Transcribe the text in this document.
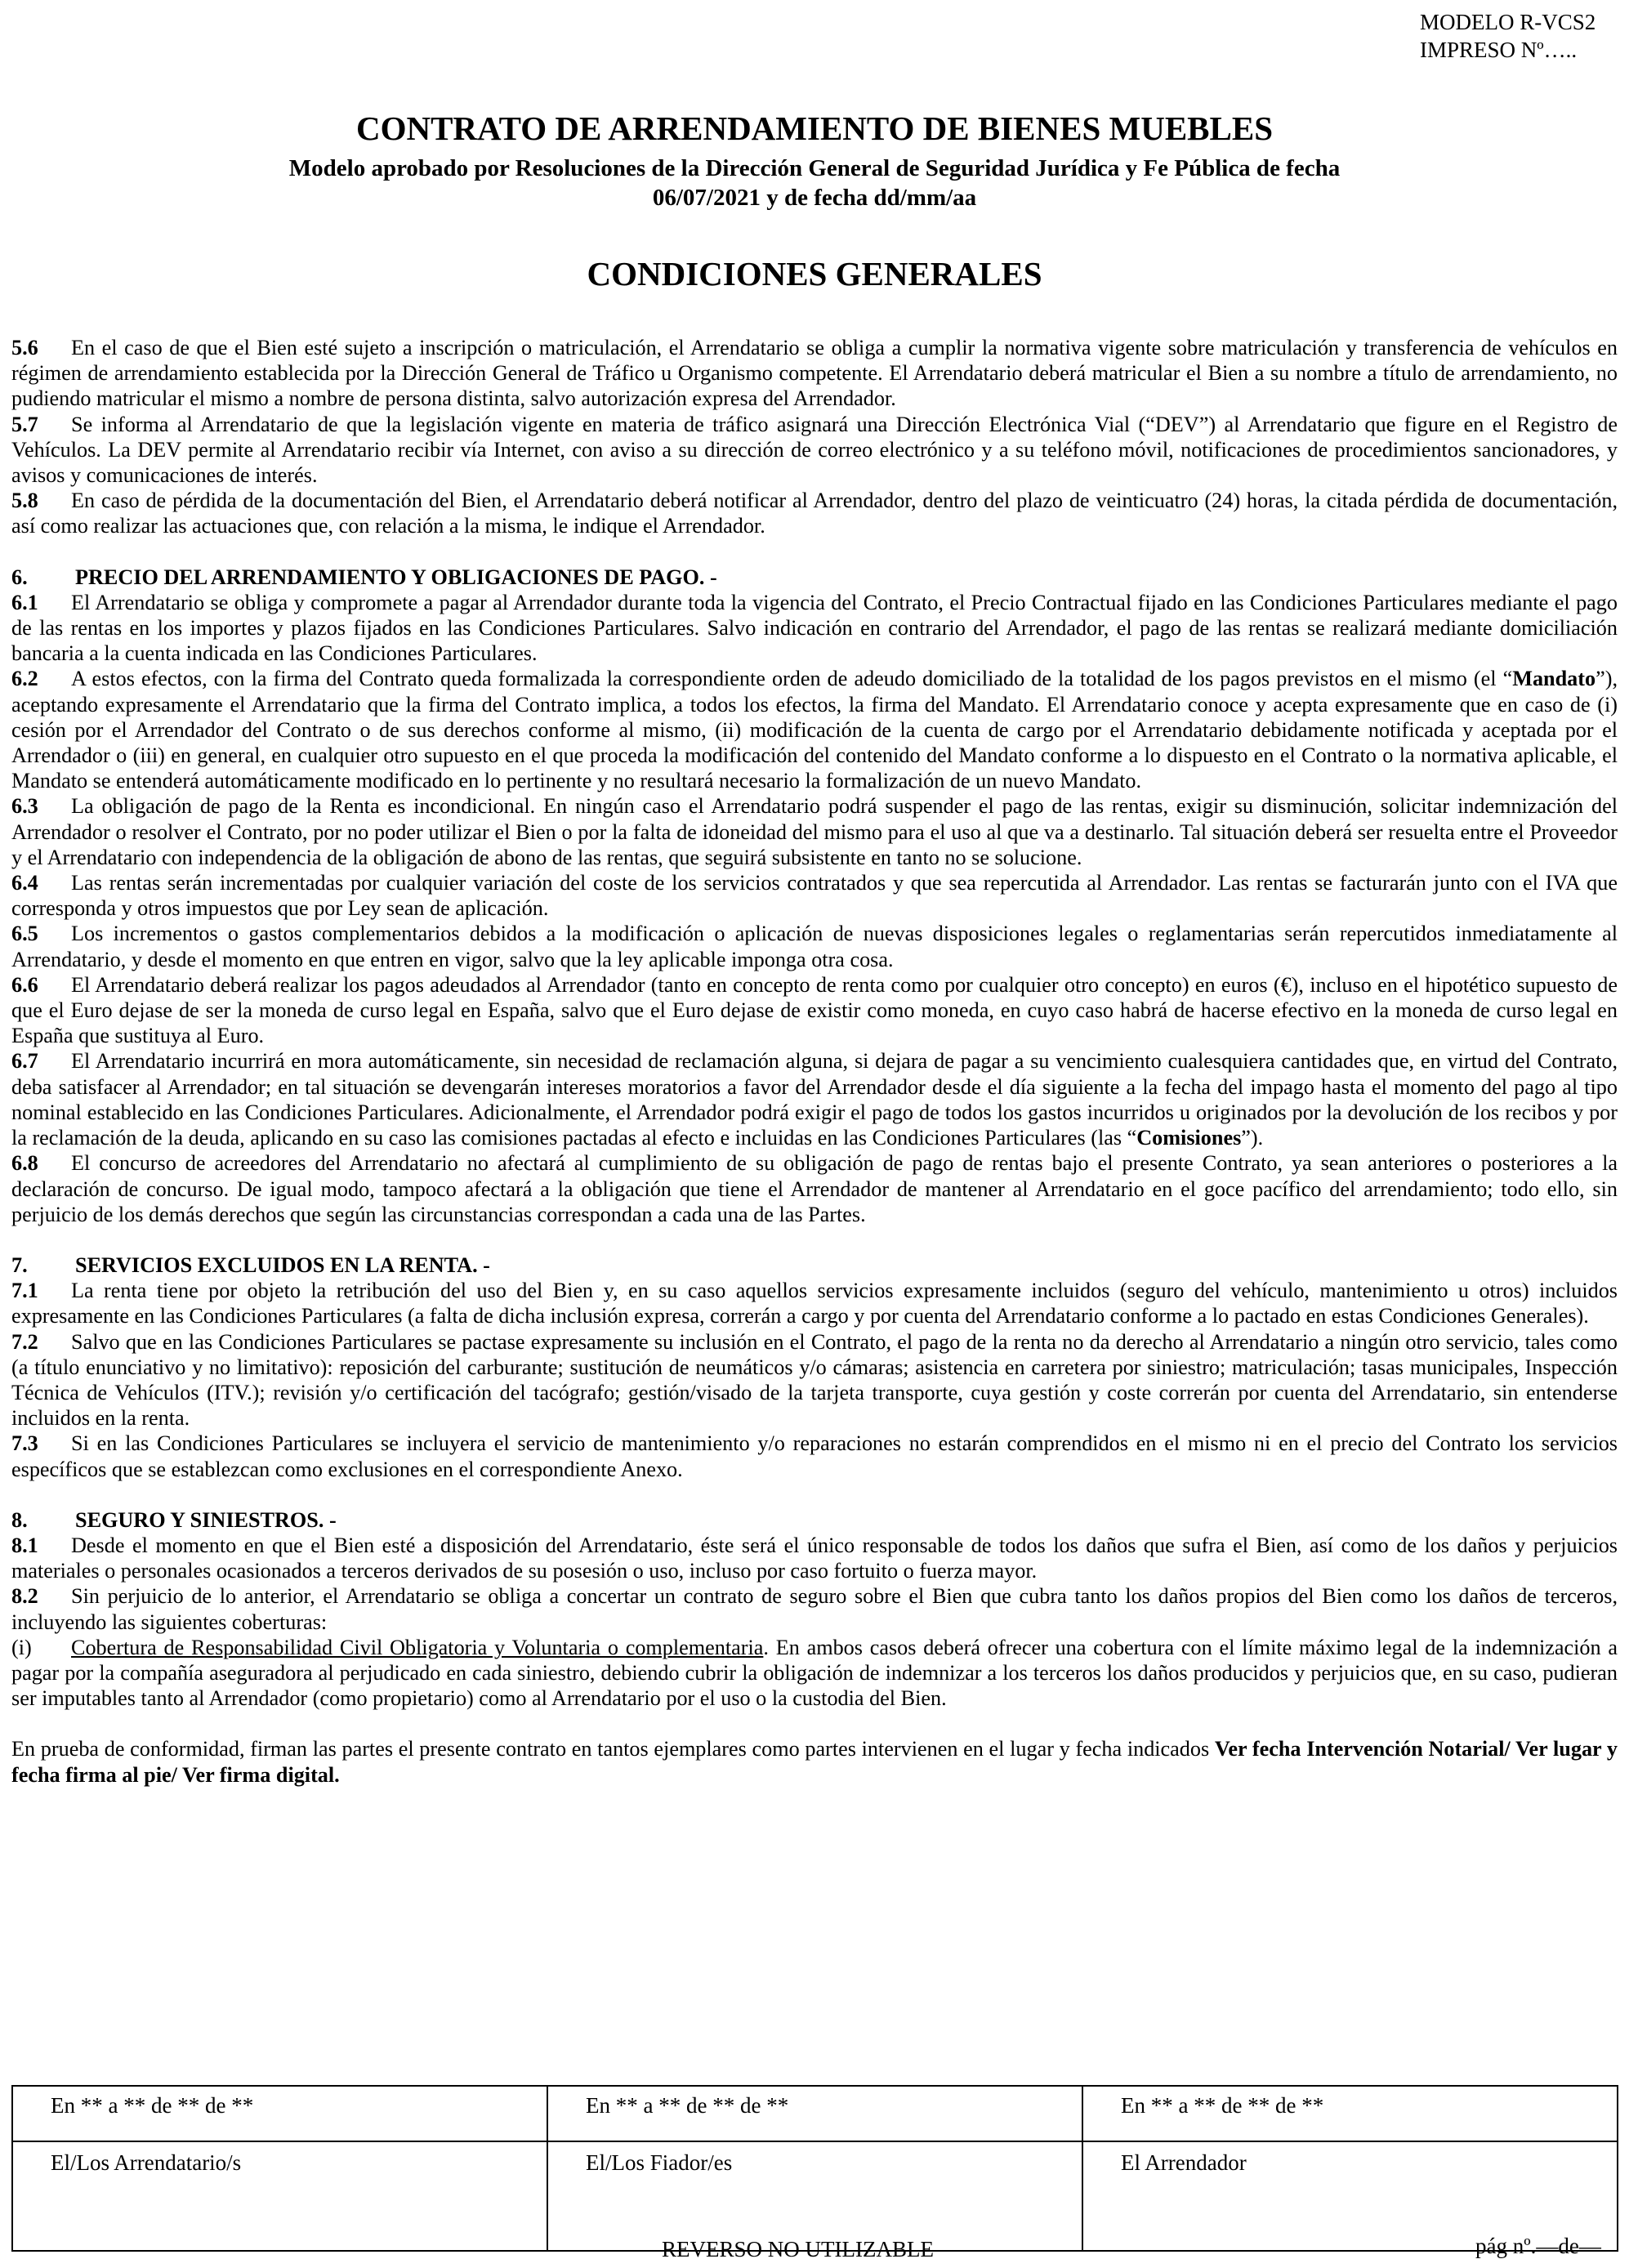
MODELO R-VCS2
IMPRESO Nº…..
CONTRATO DE ARRENDAMIENTO DE BIENES MUEBLES
Modelo aprobado por Resoluciones de la Dirección General de Seguridad Jurídica y Fe Pública de fecha
06/07/2021 y de fecha dd/mm/aa
CONDICIONES GENERALES

5.6 En el caso de que el Bien esté sujeto a inscripción o matriculación, el Arrendatario se obliga a cumplir la normativa vigente sobre matriculación y transferencia de vehículos en régimen de arrendamiento establecida por la Dirección General de Tráfico u Organismo competente. El Arrendatario deberá matricular el Bien a su nombre a título de arrendamiento, no pudiendo matricular el mismo a nombre de persona distinta, salvo autorización expresa del Arrendador.

5.7 Se informa al Arrendatario de que la legislación vigente en materia de tráfico asignará una Dirección Electrónica Vial (“DEV”) al Arrendatario que figure en el Registro de Vehículos. La DEV permite al Arrendatario recibir vía Internet, con aviso a su dirección de correo electrónico y a su teléfono móvil, notificaciones de procedimientos sancionadores, y avisos y comunicaciones de interés.

5.8 En caso de pérdida de la documentación del Bien, el Arrendatario deberá notificar al Arrendador, dentro del plazo de veinticuatro (24) horas, la citada pérdida de documentación, así como realizar las actuaciones que, con relación a la misma, le indique el Arrendador.

6. PRECIO DEL ARRENDAMIENTO Y OBLIGACIONES DE PAGO. -

6.1 El Arrendatario se obliga y compromete a pagar al Arrendador durante toda la vigencia del Contrato, el Precio Contractual fijado en las Condiciones Particulares mediante el pago de las rentas en los importes y plazos fijados en las Condiciones Particulares. Salvo indicación en contrario del Arrendador, el pago de las rentas se realizará mediante domiciliación bancaria a la cuenta indicada en las Condiciones Particulares.

6.2 A estos efectos, con la firma del Contrato queda formalizada la correspondiente orden de adeudo domiciliado de la totalidad de los pagos previstos en el mismo (el “Mandato”), aceptando expresamente el Arrendatario que la firma del Contrato implica, a todos los efectos, la firma del Mandato. El Arrendatario conoce y acepta expresamente que en caso de (i) cesión por el Arrendador del Contrato o de sus derechos conforme al mismo, (ii) modificación de la cuenta de cargo por el Arrendatario debidamente notificada y aceptada por el Arrendador o (iii) en general, en cualquier otro supuesto en el que proceda la modificación del contenido del Mandato conforme a lo dispuesto en el Contrato o la normativa aplicable, el Mandato se entenderá automáticamente modificado en lo pertinente y no resultará necesario la formalización de un nuevo Mandato.

6.3 La obligación de pago de la Renta es incondicional. En ningún caso el Arrendatario podrá suspender el pago de las rentas, exigir su disminución, solicitar indemnización del Arrendador o resolver el Contrato, por no poder utilizar el Bien o por la falta de idoneidad del mismo para el uso al que va a destinarlo. Tal situación deberá ser resuelta entre el Proveedor y el Arrendatario con independencia de la obligación de abono de las rentas, que seguirá subsistente en tanto no se solucione.

6.4 Las rentas serán incrementadas por cualquier variación del coste de los servicios contratados y que sea repercutida al Arrendador. Las rentas se facturarán junto con el IVA que corresponda y otros impuestos que por Ley sean de aplicación.

6.5 Los incrementos o gastos complementarios debidos a la modificación o aplicación de nuevas disposiciones legales o reglamentarias serán repercutidos inmediatamente al Arrendatario, y desde el momento en que entren en vigor, salvo que la ley aplicable imponga otra cosa.

6.6 El Arrendatario deberá realizar los pagos adeudados al Arrendador (tanto en concepto de renta como por cualquier otro concepto) en euros (€), incluso en el hipotético supuesto de que el Euro dejase de ser la moneda de curso legal en España, salvo que el Euro dejase de existir como moneda, en cuyo caso habrá de hacerse efectivo en la moneda de curso legal en España que sustituya al Euro.

6.7 El Arrendatario incurrirá en mora automáticamente, sin necesidad de reclamación alguna, si dejara de pagar a su vencimiento cualesquiera cantidades que, en virtud del Contrato, deba satisfacer al Arrendador; en tal situación se devengarán intereses moratorios a favor del Arrendador desde el día siguiente a la fecha del impago hasta el momento del pago al tipo nominal establecido en las Condiciones Particulares. Adicionalmente, el Arrendador podrá exigir el pago de todos los gastos incurridos u originados por la devolución de los recibos y por la reclamación de la deuda, aplicando en su caso las comisiones pactadas al efecto e incluidas en las Condiciones Particulares (las “Comisiones”).

6.8 El concurso de acreedores del Arrendatario no afectará al cumplimiento de su obligación de pago de rentas bajo el presente Contrato, ya sean anteriores o posteriores a la declaración de concurso. De igual modo, tampoco afectará a la obligación que tiene el Arrendador de mantener al Arrendatario en el goce pacífico del arrendamiento; todo ello, sin perjuicio de los demás derechos que según las circunstancias correspondan a cada una de las Partes.

7. SERVICIOS EXCLUIDOS EN LA RENTA. -

7.1 La renta tiene por objeto la retribución del uso del Bien y, en su caso aquellos servicios expresamente incluidos (seguro del vehículo, mantenimiento u otros) incluidos expresamente en las Condiciones Particulares (a falta de dicha inclusión expresa, correrán a cargo y por cuenta del Arrendatario conforme a lo pactado en estas Condiciones Generales).

7.2 Salvo que en las Condiciones Particulares se pactase expresamente su inclusión en el Contrato, el pago de la renta no da derecho al Arrendatario a ningún otro servicio, tales como (a título enunciativo y no limitativo): reposición del carburante; sustitución de neumáticos y/o cámaras; asistencia en carretera por siniestro; matriculación; tasas municipales, Inspección Técnica de Vehículos (ITV.); revisión y/o certificación del tacógrafo; gestión/visado de la tarjeta transporte, cuya gestión y coste correrán por cuenta del Arrendatario, sin entenderse incluidos en la renta.

7.3 Si en las Condiciones Particulares se incluyera el servicio de mantenimiento y/o reparaciones no estarán comprendidos en el mismo ni en el precio del Contrato los servicios específicos que se establezcan como exclusiones en el correspondiente Anexo.

8. SEGURO Y SINIESTROS. -

8.1 Desde el momento en que el Bien esté a disposición del Arrendatario, éste será el único responsable de todos los daños que sufra el Bien, así como de los daños y perjuicios materiales o personales ocasionados a terceros derivados de su posesión o uso, incluso por caso fortuito o fuerza mayor.

8.2 Sin perjuicio de lo anterior, el Arrendatario se obliga a concertar un contrato de seguro sobre el Bien que cubra tanto los daños propios del Bien como los daños de terceros, incluyendo las siguientes coberturas:

(i) Cobertura de Responsabilidad Civil Obligatoria y Voluntaria o complementaria. En ambos casos deberá ofrecer una cobertura con el límite máximo legal de la indemnización a pagar por la compañía aseguradora al perjudicado en cada siniestro, debiendo cubrir la obligación de indemnizar a los terceros los daños producidos y perjuicios que, en su caso, pudieran ser imputables tanto al Arrendador (como propietario) como al Arrendatario por el uso o la custodia del Bien.

En prueba de conformidad, firman las partes el presente contrato en tantos ejemplares como partes intervienen en el lugar y fecha indicados Ver fecha Intervención Notarial/ Ver lugar y fecha firma al pie/ Ver firma digital.

En ** a ** de ** de **	En ** a ** de ** de **	En ** a ** de ** de **
El/Los Arrendatario/s	El/Los Fiador/es	El Arrendador
REVERSO NO UTILIZABLE	pág nº.—de—
